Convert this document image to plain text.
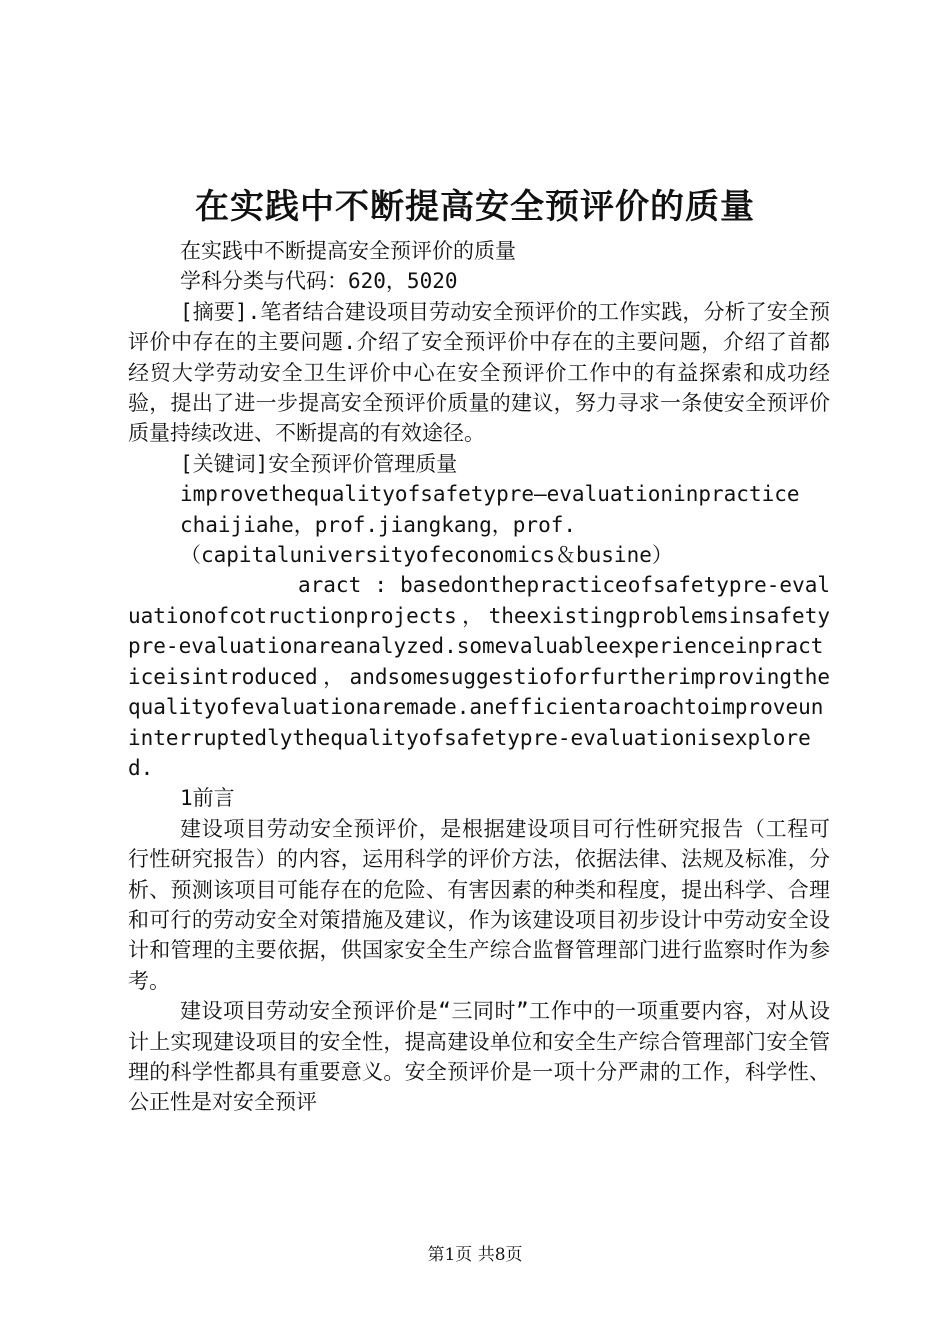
在实践中不断提高安全预评价的质量

在实践中不断提高安全预评价的质量

学科分类与代码：620，5020

[摘要].笔者结合建设项目劳动安全预评价的工作实践，分析了安全预评价中存在的主要问题.介绍了安全预评价中存在的主要问题，介绍了首都经贸大学劳动安全卫生评价中心在安全预评价工作中的有益探索和成功经验，提出了进一步提高安全预评价质量的建议，努力寻求一条使安全预评价质量持续改进、不断提高的有效途径。

[关键词]安全预评价管理质量

improvethequalityofsafetypre—evaluationinpractice

chaijiahe，prof.jiangkang，prof.

（capitaluniversityofeconomics＆busine）

aract : basedonthepracticeofsafetypre-evaluationofcotructionprojects，theexistingproblemsinsafetypre-evaluationareanalyzed.somevaluableexperienceinpracticeisintroduced，andsomesuggestioforfurtherimprovingthequalityofevaluationaremade.anefficientaroachtoimproveuninterruptedlythequalityofsafetypre-evaluationisexplored.

1前言

建设项目劳动安全预评价，是根据建设项目可行性研究报告（工程可行性研究报告）的内容，运用科学的评价方法，依据法律、法规及标准，分析、预测该项目可能存在的危险、有害因素的种类和程度，提出科学、合理和可行的劳动安全对策措施及建议，作为该建设项目初步设计中劳动安全设计和管理的主要依据，供国家安全生产综合监督管理部门进行监察时作为参考。

建设项目劳动安全预评价是“三同时”工作中的一项重要内容，对从设计上实现建设项目的安全性，提高建设单位和安全生产综合管理部门安全管理的科学性都具有重要意义。安全预评价是一项十分严肃的工作，科学性、公正性是对安全预评

第1页 共8页
